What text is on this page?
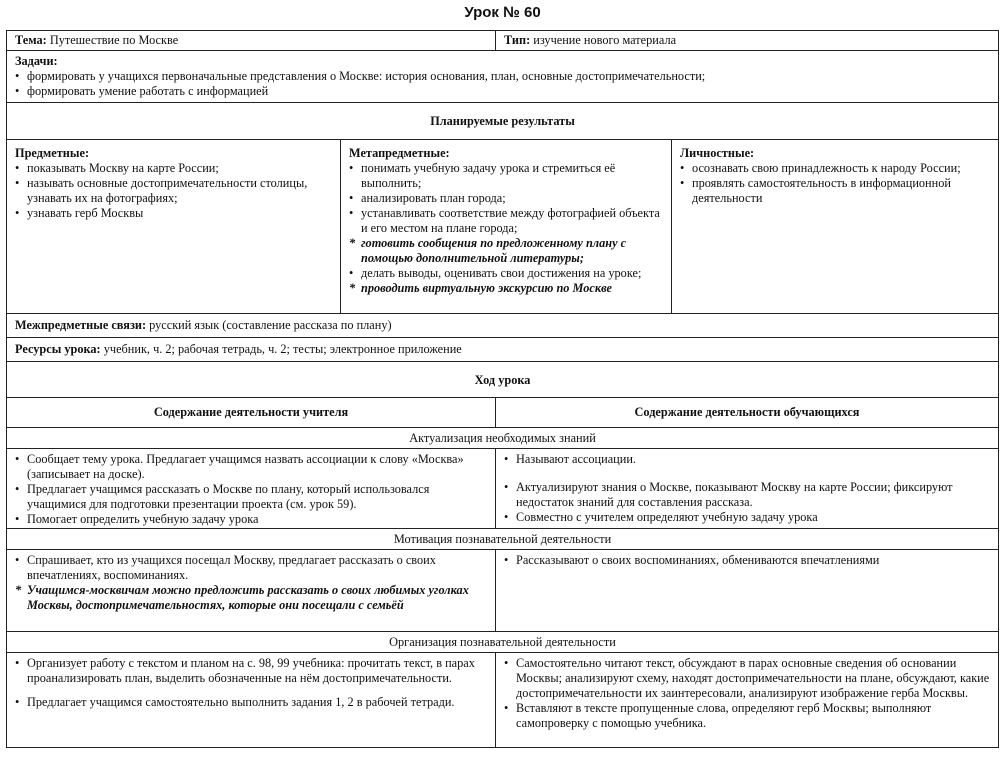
Урок № 60
Тема: Путешествие по Москве	Тип: изучение нового материала
Задачи:
• формировать у учащихся первоначальные представления о Москве: история основания, план, основные достопримечательности;
• формировать умение работать с информацией
Планируемые результаты
Предметные:
• показывать Москву на карте России;
• называть основные достопримечательности столицы, узнавать их на фотографиях;
• узнавать герб Москвы
Метапредметные:
• понимать учебную задачу урока и стремиться её выполнить;
• анализировать план города;
• устанавливать соответствие между фотографией объекта и его местом на плане города;
* готовить сообщения по предложенному плану с помощью дополнительной литературы;
• делать выводы, оценивать свои достижения на уроке;
* проводить виртуальную экскурсию по Москве
Личностные:
• осознавать свою принадлежность к народу России;
• проявлять самостоятельность в информационной деятельности
Межпредметные связи: русский язык (составление рассказа по плану)
Ресурсы урока: учебник, ч. 2; рабочая тетрадь, ч. 2; тесты; электронное приложение
Ход урока
Содержание деятельности учителя	Содержание деятельности обучающихся
Актуализация необходимых знаний
• Сообщает тему урока. Предлагает учащимся назвать ассоциации к слову «Москва» (записывает на доске).
• Предлагает учащимся рассказать о Москве по плану, который использовался учащимися для подготовки презентации проекта (см. урок 59).
• Помогает определить учебную задачу урока
• Называют ассоциации.
• Актуализируют знания о Москве, показывают Москву на карте России; фиксируют недостаток знаний для составления рассказа.
• Совместно с учителем определяют учебную задачу урока
Мотивация познавательной деятельности
• Спрашивает, кто из учащихся посещал Москву, предлагает рассказать о своих впечатлениях, воспоминаниях.
* Учащимся-москвичам можно предложить рассказать о своих любимых уголках Москвы, достопримечательностях, которые они посещали с семьёй
• Рассказывают о своих воспоминаниях, обмениваются впечатлениями
Организация познавательной деятельности
• Организует работу с текстом и планом на с. 98, 99 учебника: прочитать текст, в парах проанализировать план, выделить обозначенные на нём достопримечательности.
• Предлагает учащимся самостоятельно выполнить задания 1, 2 в рабочей тетради.
• Самостоятельно читают текст, обсуждают в парах основные сведения об основании Москвы; анализируют схему, находят достопримечательности на плане, обсуждают, какие достопримечательности их заинтересовали, анализируют изображение герба Москвы.
• Вставляют в тексте пропущенные слова, определяют герб Москвы; выполняют самопроверку с помощью учебника.
